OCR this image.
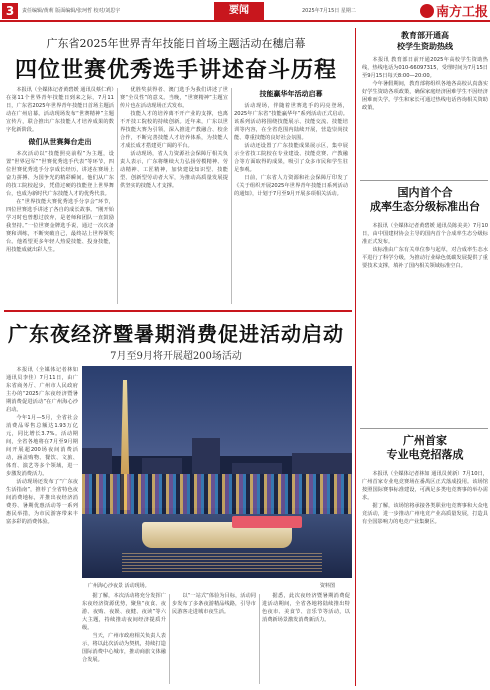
3	责任编辑/黄莉 版面编辑/张珂哲 校对/刘思宇	要闻	2025年7月15日 星期二	南方工报
广东省2025年世界青年技能日首场主题活动在穗启幕
四位世赛优秀选手讲述奋斗历程

本报讯（全媒体记者黄碧媛 通讯员蔡仁莉）在第11个世界青年技能日到来之际，7月11日，广东省2025年世界青年技能日首场主题活动在广州启幕。活动现场发布“世赛精神”主题宣传片，联合推出广东技能人才培养成果的数字化新阶段。

做们从世赛舞台走出

本次活动以“技能照亮前程”为主题，设置“世界冠军”“世赛优秀选手代表”等环节，四位世赛优秀选手分享成长经历，讲述在赛场上奋力拼搏、为国争光的精彩瞬间。他们从广东的技工院校起步，凭借过硬的技能登上世界舞台，也成为新时代广东技能人才的优秀代表。

在“世界技能大赛优秀选手分享会”环节，四位世赛选手讲述了各自的成长故事。“刚开始学习时也曾想过放弃，是老师和团队一直鼓励我坚持。”一位世赛金牌选手说，通过一次次备赛和训练，不断突破自己，最终站上世界领奖台。他希望更多年轻人热爱技能、投身技能，用技能成就出彩人生。

优胜奖获得者、澳门选手为我们讲述了世赛“全员性”的意义。当晚，“世赛精神”主题宣传片也在活动现场正式发布。

技能人才的培养离不开产业的支撑，也离不开技工院校的持续创新。近年来，广东以世界技能大赛为引领，深入推进产教融合、校企合作，不断完善技能人才培养体系，为技能人才成长成才搭建更广阔的平台。

活动现场，省人力资源社会保障厅相关负责人表示，广东将继续大力弘扬劳模精神、劳动精神、工匠精神，加快建设知识型、技能型、创新型劳动者大军，为推动高质量发展提供坚实的技能人才支撑。

技能赢华年活动启幕

活动现场，伴随着世赛选手的闪亮登场，2025年广东省“技能赢华年”系列活动正式启动。该系列活动将围绕技能展示、技能交流、技能培训等内容，在全省范围内陆续开展，营造崇尚技能、尊重技能的良好社会氛围。

活动还设置了广东技能成果展示区，集中展示全省技工院校在专业建设、技能竞赛、产教融合等方面取得的成果，吸引了众多市民和学生驻足参观。

日前，广东省人力资源和社会保障厅印发了《关于组织开展2025年世界青年技能日系列活动的通知》，计划于7月至9月开展多项相关活动。

广东夜经济暨暑期消费促进活动启动
7月至9月将开展超200场活动

本报讯（全媒体记者林如 通讯员李佳）7月11日，由广东省商务厅、广州市人民政府主办的“2025广东夜经济暨暑期消费促进活动”在广州海心沙启动。

今年1月—5月，全省社会消费品零售总额达1.93万亿元，同比增长3.7%。活动期间，全省各地将在7月至9月期间开展超200场夜间消费活动，涵盖购物、餐饮、文旅、体育、演艺等多个领域，进一步激发消费活力。

活动现场还发布了“广东夜生活指南”，推荐了全省特色夜间消费地标，并推出夜经济消费券、暑期优惠活动等一系列惠民举措，为市民游客带来丰富多彩的消费体验。

广州海心沙夜景 活动现场。	资料图

据了解，本次活动将充分发挥广东夜经济资源优势，聚焦“夜食、夜游、夜购、夜娱、夜健、夜读”等六大主题，持续推动夜间经济提质升级。

当天，广州市政府相关负责人表示，将以此次活动为契机，持续打造国际消费中心城市，推动商旅文体融合发展。

以“一站式”体验为目标，活动同步发布了多条夜游精品线路，引导市民游客走进城市夜生活。

据悉，此次夜经济暨暑期消费促进活动期间，全省各地将陆续推出特色夜市、美食节、音乐节等活动，以消费新场景激发消费新活力。

教育部开通高
校学生资助热线

本报讯 教育部日前开通2025年高校学生资助热线，热线电话为010-66097315，受理时间为7月15日至9月15日每天8:00—20:00。

今年暑假期间，教育部将组织各地各高校认真落实好学生资助各项政策，确保家庭经济困难学生不因经济困难而失学。学生和家长可通过热线电话咨询相关资助政策。

国内首个合
成率生态分级标准出台

本报讯（全媒体记者黄碧媛 通讯员陈美美）7月10日，由中国建材协会主导的国内首个合成率生态分级标准正式发布。

该标准由广东有关单位参与起草，对合成率生态水平进行了科学分级，为推动行业绿色低碳发展提供了重要技术支撑，填补了国内相关领域标准空白。

广州首家
专业电竞招落成

本报讯（全媒体记者林如 通讯员黄新）7月10日，广州首家专业电竞赛场在番禺区正式落成投用。该场馆按照国际赛事标准建设，可满足多类电竞赛事的举办需求。

据了解，该场馆将承接各类职业电竞赛事和大众电竞活动，进一步推动广州电竞产业高质量发展，打造具有全国影响力的电竞产业集聚区。
